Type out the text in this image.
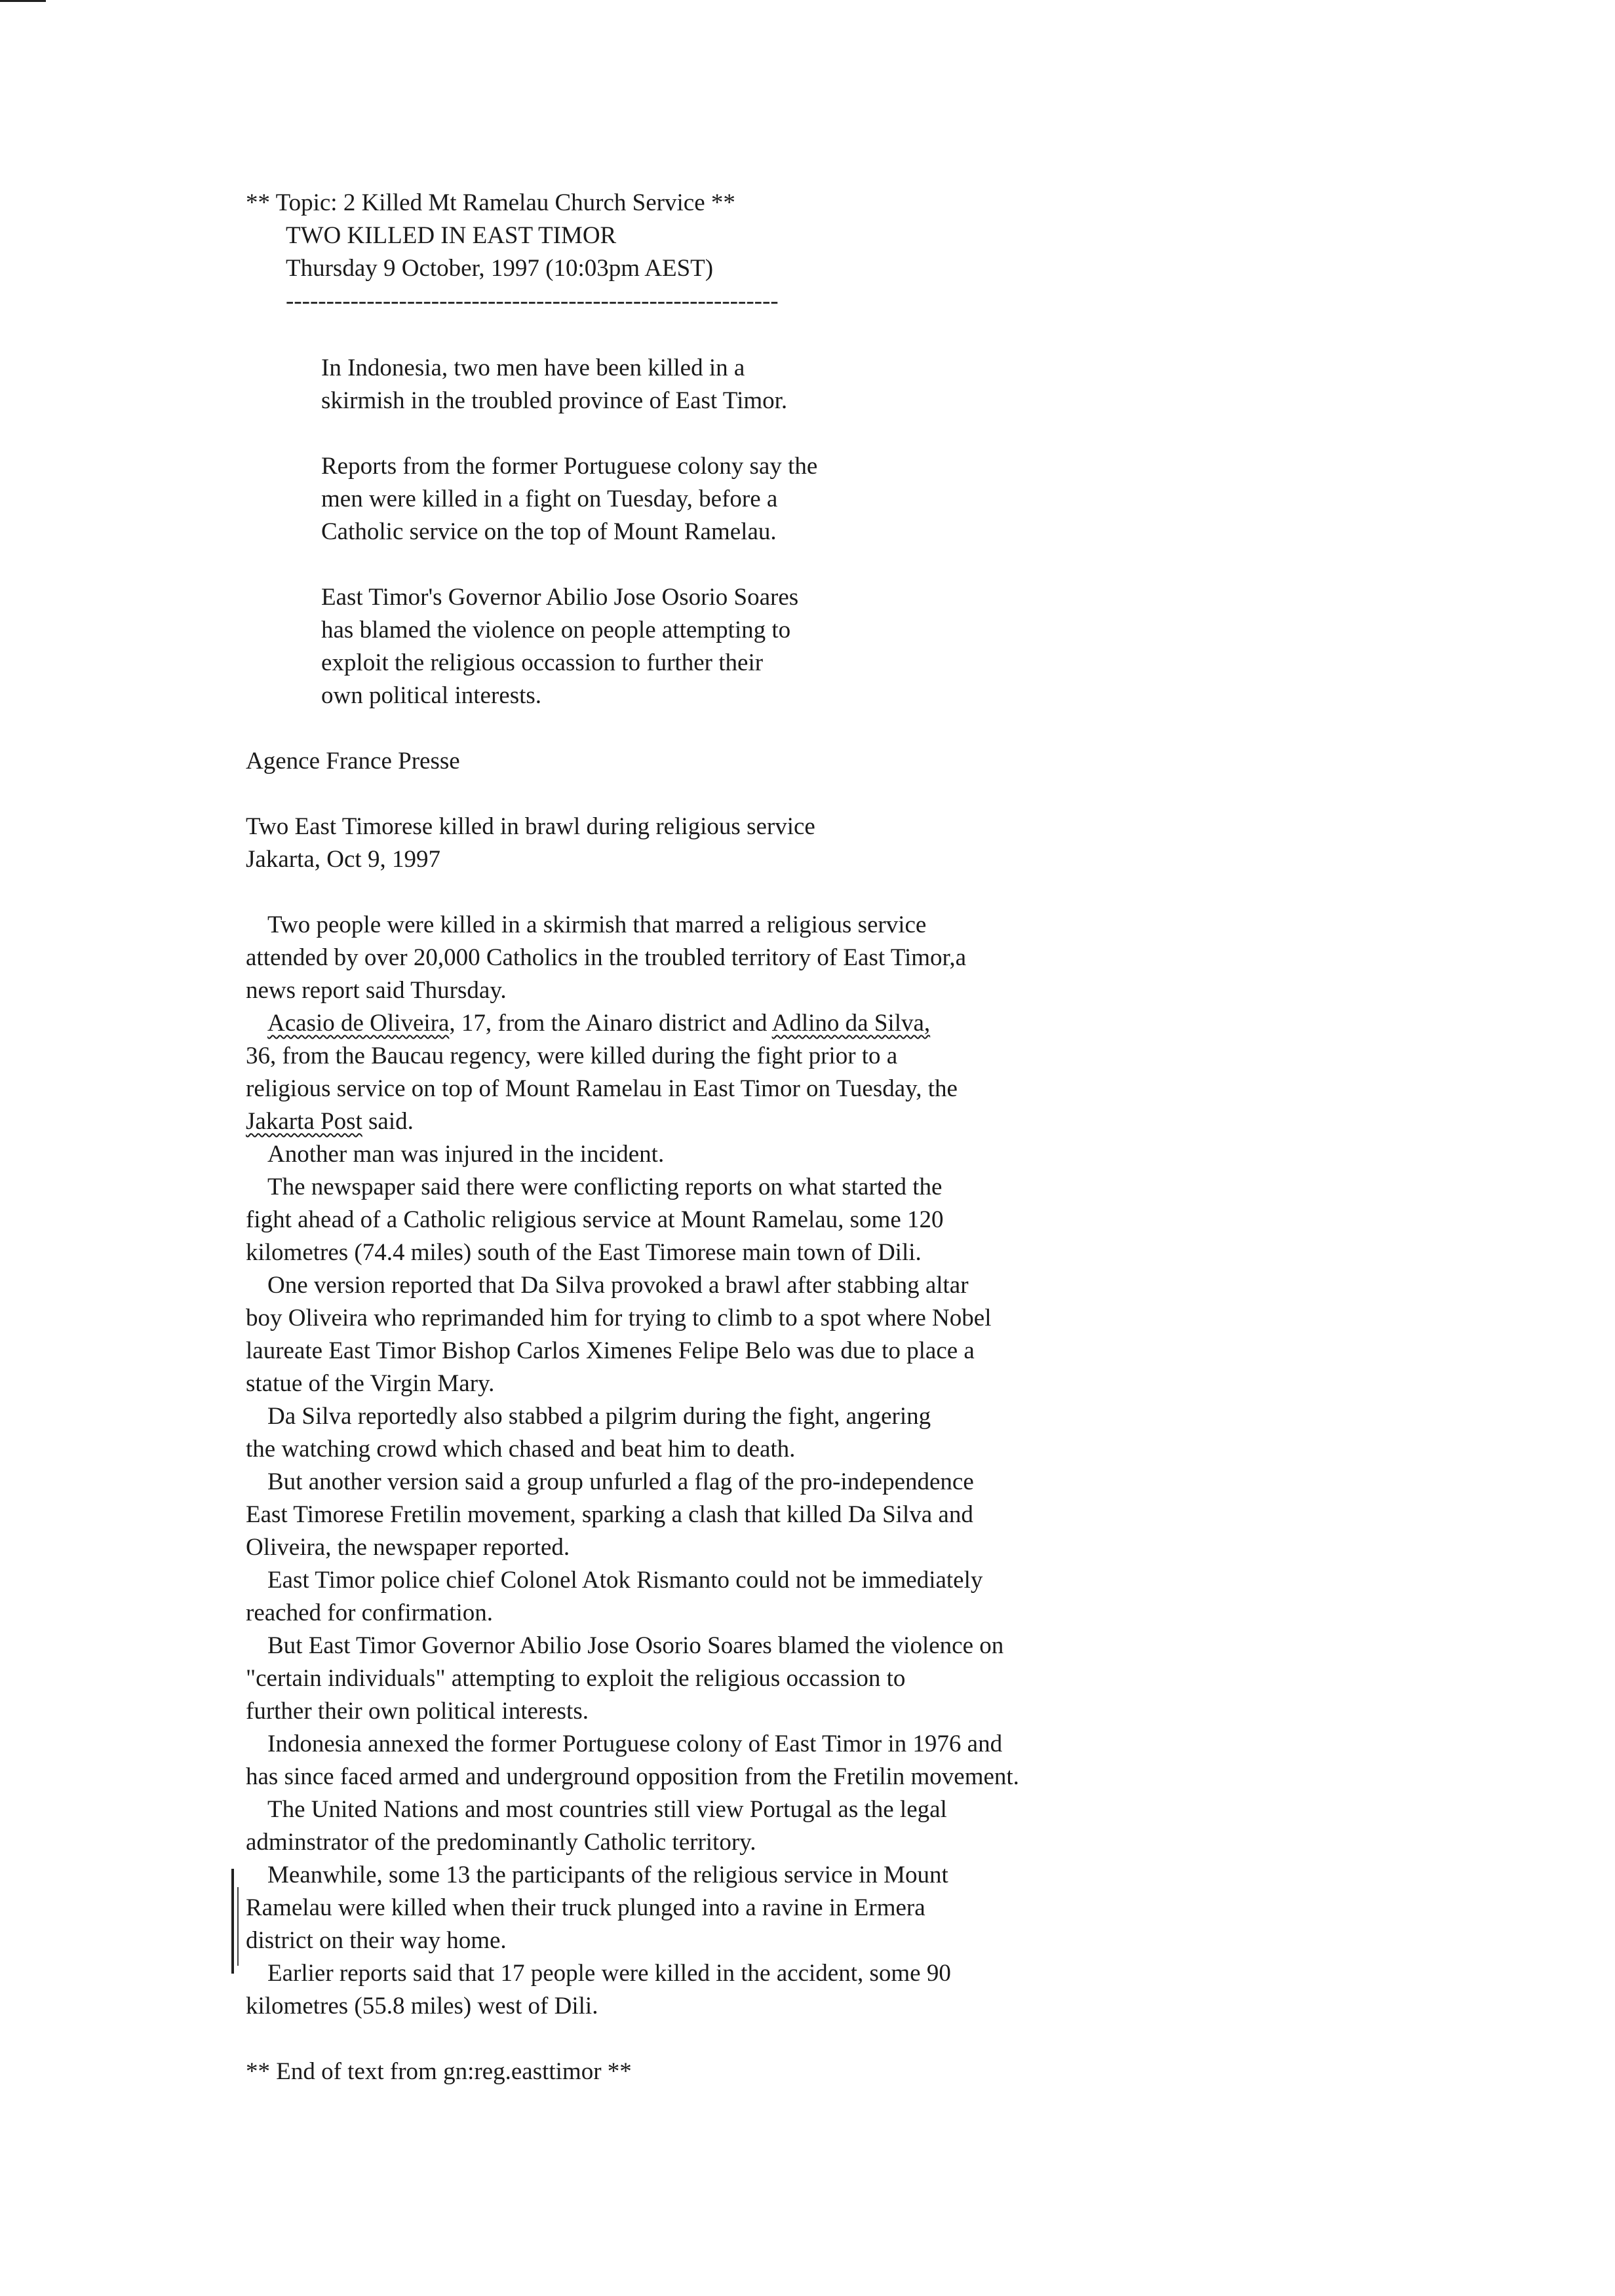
** Topic: 2 Killed Mt Ramelau Church Service **
TWO KILLED IN EAST TIMOR
Thursday 9 October, 1997 (10:03pm AEST)
-------------------------------------------------------------
In Indonesia, two men have been killed in a
skirmish in the troubled province of East Timor.
Reports from the former Portuguese colony say the
men were killed in a fight on Tuesday, before a
Catholic service on the top of Mount Ramelau.
East Timor's Governor Abilio Jose Osorio Soares
has blamed the violence on people attempting to
exploit the religious occassion to further their
own political interests.
Agence France Presse
Two East Timorese killed in brawl during religious service
Jakarta, Oct 9, 1997
Two people were killed in a skirmish that marred a religious service
attended by over 20,000 Catholics in the troubled territory of East Timor,a
news report said Thursday.
Acasio de Oliveira, 17, from the Ainaro district and Adlino da Silva,
36, from the Baucau regency, were killed during the fight prior to a
religious service on top of Mount Ramelau in East Timor on Tuesday, the
Jakarta Post said.
Another man was injured in the incident.
The newspaper said there were conflicting reports on what started the
fight ahead of a Catholic religious service at Mount Ramelau, some 120
kilometres (74.4 miles) south of the East Timorese main town of Dili.
One version reported that Da Silva provoked a brawl after stabbing altar
boy Oliveira who reprimanded him for trying to climb to a spot where Nobel
laureate East Timor Bishop Carlos Ximenes Felipe Belo was due to place a
statue of the Virgin Mary.
Da Silva reportedly also stabbed a pilgrim during the fight, angering
the watching crowd which chased and beat him to death.
But another version said a group unfurled a flag of the pro-independence
East Timorese Fretilin movement, sparking a clash that killed Da Silva and
Oliveira, the newspaper reported.
East Timor police chief Colonel Atok Rismanto could not be immediately
reached for confirmation.
But East Timor Governor Abilio Jose Osorio Soares blamed the violence on
"certain individuals" attempting to exploit the religious occassion to
further their own political interests.
Indonesia annexed the former Portuguese colony of East Timor in 1976 and
has since faced armed and underground opposition from the Fretilin movement.
The United Nations and most countries still view Portugal as the legal
adminstrator of the predominantly Catholic territory.
Meanwhile, some 13 the participants of the religious service in Mount
Ramelau were killed when their truck plunged into a ravine in Ermera
district on their way home.
Earlier reports said that 17 people were killed in the accident, some 90
kilometres (55.8 miles) west of Dili.
** End of text from gn:reg.easttimor **
